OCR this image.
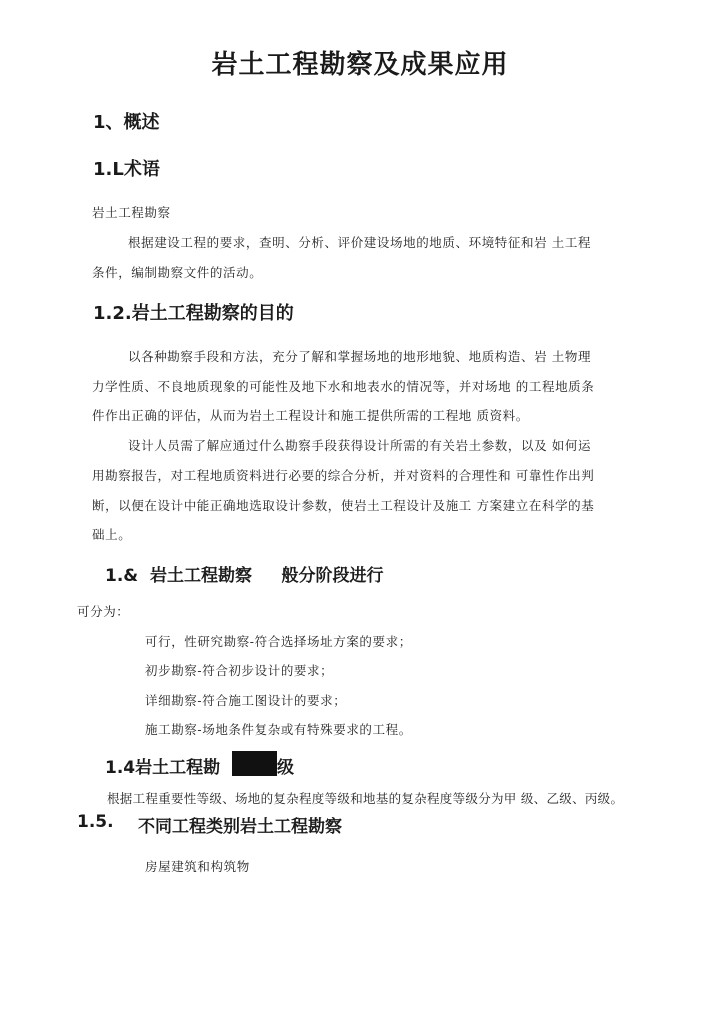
岩土工程勘察及成果应用
1、概述
1.L术语
岩土工程勘察
根据建设工程的要求，查明、分析、评价建设场地的地质、环境特征和岩 土工程
条件，编制勘察文件的活动。
1.2.岩土工程勘察的目的
以各种勘察手段和方法，充分了解和掌握场地的地形地貌、地质构造、岩 土物理
力学性质、不良地质现象的可能性及地下水和地表水的情况等，并对场地 的工程地质条
件作出正确的评估，从而为岩土工程设计和施工提供所需的工程地 质资料。
设计人员需了解应通过什么勘察手段获得设计所需的有关岩土参数，以及 如何运
用勘察报告，对工程地质资料进行必要的综合分析，并对资料的合理性和 可靠性作出判
断，以便在设计中能正确地选取设计参数，使岩土工程设计及施工 方案建立在科学的基
础上。
1.&  岩土工程勘察     般分阶段进行
可分为：
可行，性研究勘察-符合选择场址方案的要求；
初步勘察-符合初步设计的要求；
详细勘察-符合施工图设计的要求；
施工勘察-场地条件复杂或有特殊要求的工程。
1.4岩土工程勘	级
根据工程重要性等级、场地的复杂程度等级和地基的复杂程度等级分为甲 级、乙级、丙级。
1.5. 不同工程类别岩土工程勘察
房屋建筑和构筑物
